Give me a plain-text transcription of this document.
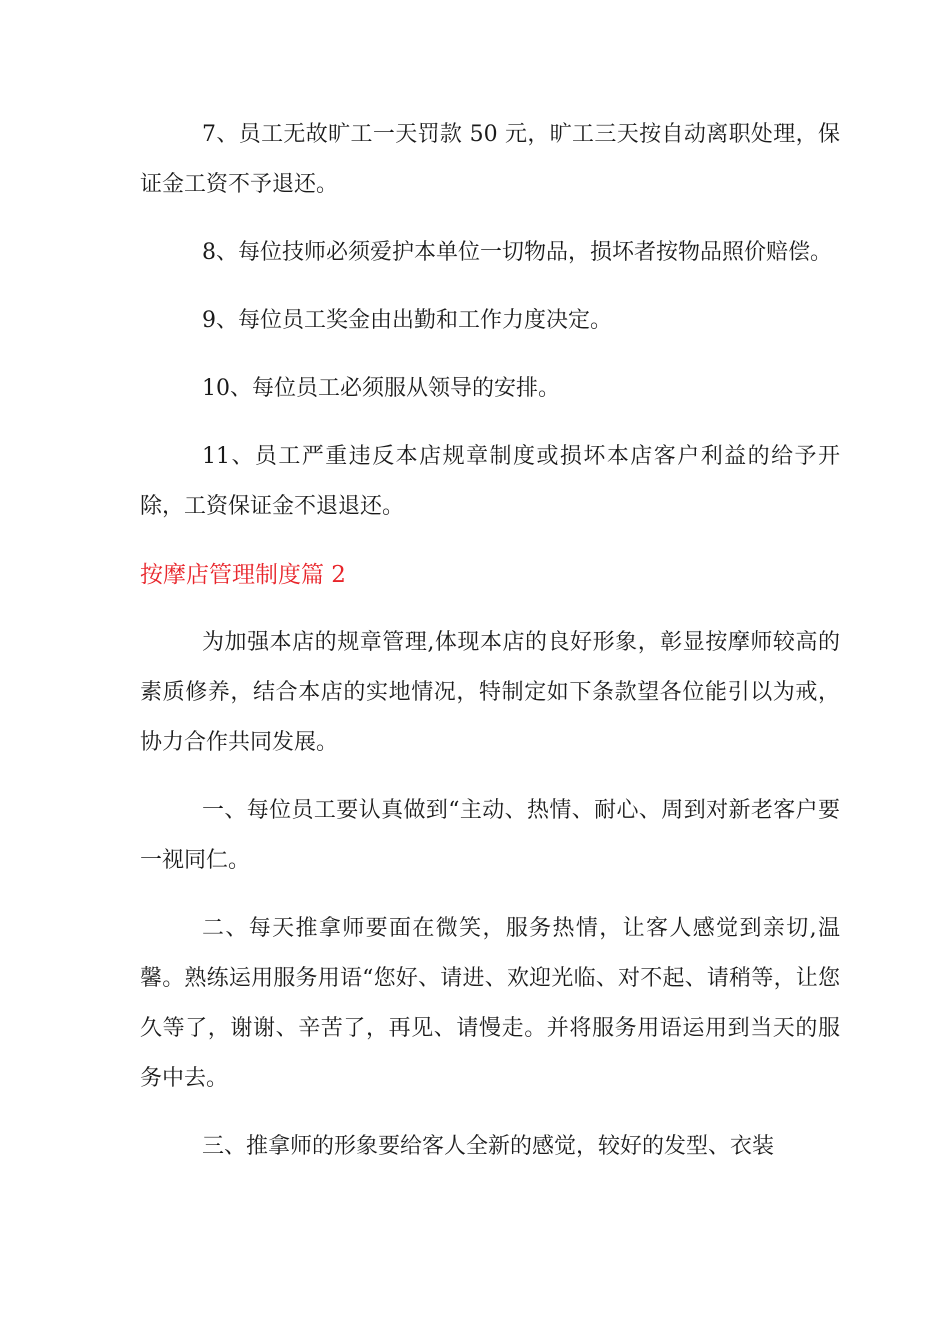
7、员工无故旷工一天罚款 50 元，旷工三天按自动离职处理，保证金工资不予退还。

8、每位技师必须爱护本单位一切物品，损坏者按物品照价赔偿。

9、每位员工奖金由出勤和工作力度决定。

10、每位员工必须服从领导的安排。

11、员工严重违反本店规章制度或损坏本店客户利益的给予开除，工资保证金不退退还。

按摩店管理制度篇 2

为加强本店的规章管理,体现本店的良好形象，彰显按摩师较高的素质修养，结合本店的实地情况，特制定如下条款望各位能引以为戒，协力合作共同发展。

一、每位员工要认真做到“主动、热情、耐心、周到对新老客户要一视同仁。

二、每天推拿师要面在微笑，服务热情，让客人感觉到亲切,温馨。熟练运用服务用语“您好、请进、欢迎光临、对不起、请稍等，让您久等了，谢谢、辛苦了，再见、请慢走。并将服务用语运用到当天的服务中去。

三、推拿师的形象要给客人全新的感觉，较好的发型、衣装
